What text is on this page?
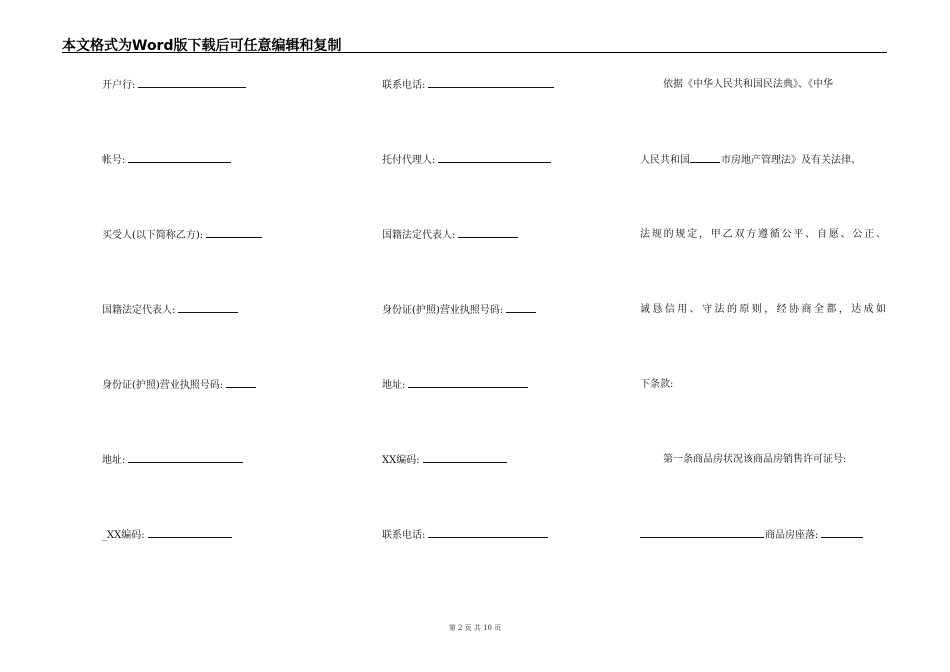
本文格式为Word版下载后可任意编辑和复制
开户行:	联系电话:	依据《中华人民共和国民法典》、《中华
帐号:	托付代理人:	人民共和国	市房地产管理法》及有关法律、
买受人(以下简称乙方):	国籍法定代表人:	法规的规定，甲乙双方遵循公平、自愿、公正、
国籍法定代表人:	身份证(护照)营业执照号码:	诚恳信用、守法的原则，经协商全都，达成如
身份证(护照)营业执照号码:	地址:	下条款:
地址:	XX编码:	第一条商品房状况该商品房销售许可证号:
_XX编码:	联系电话:	商品房座落:
第 2 页 共 10 页
